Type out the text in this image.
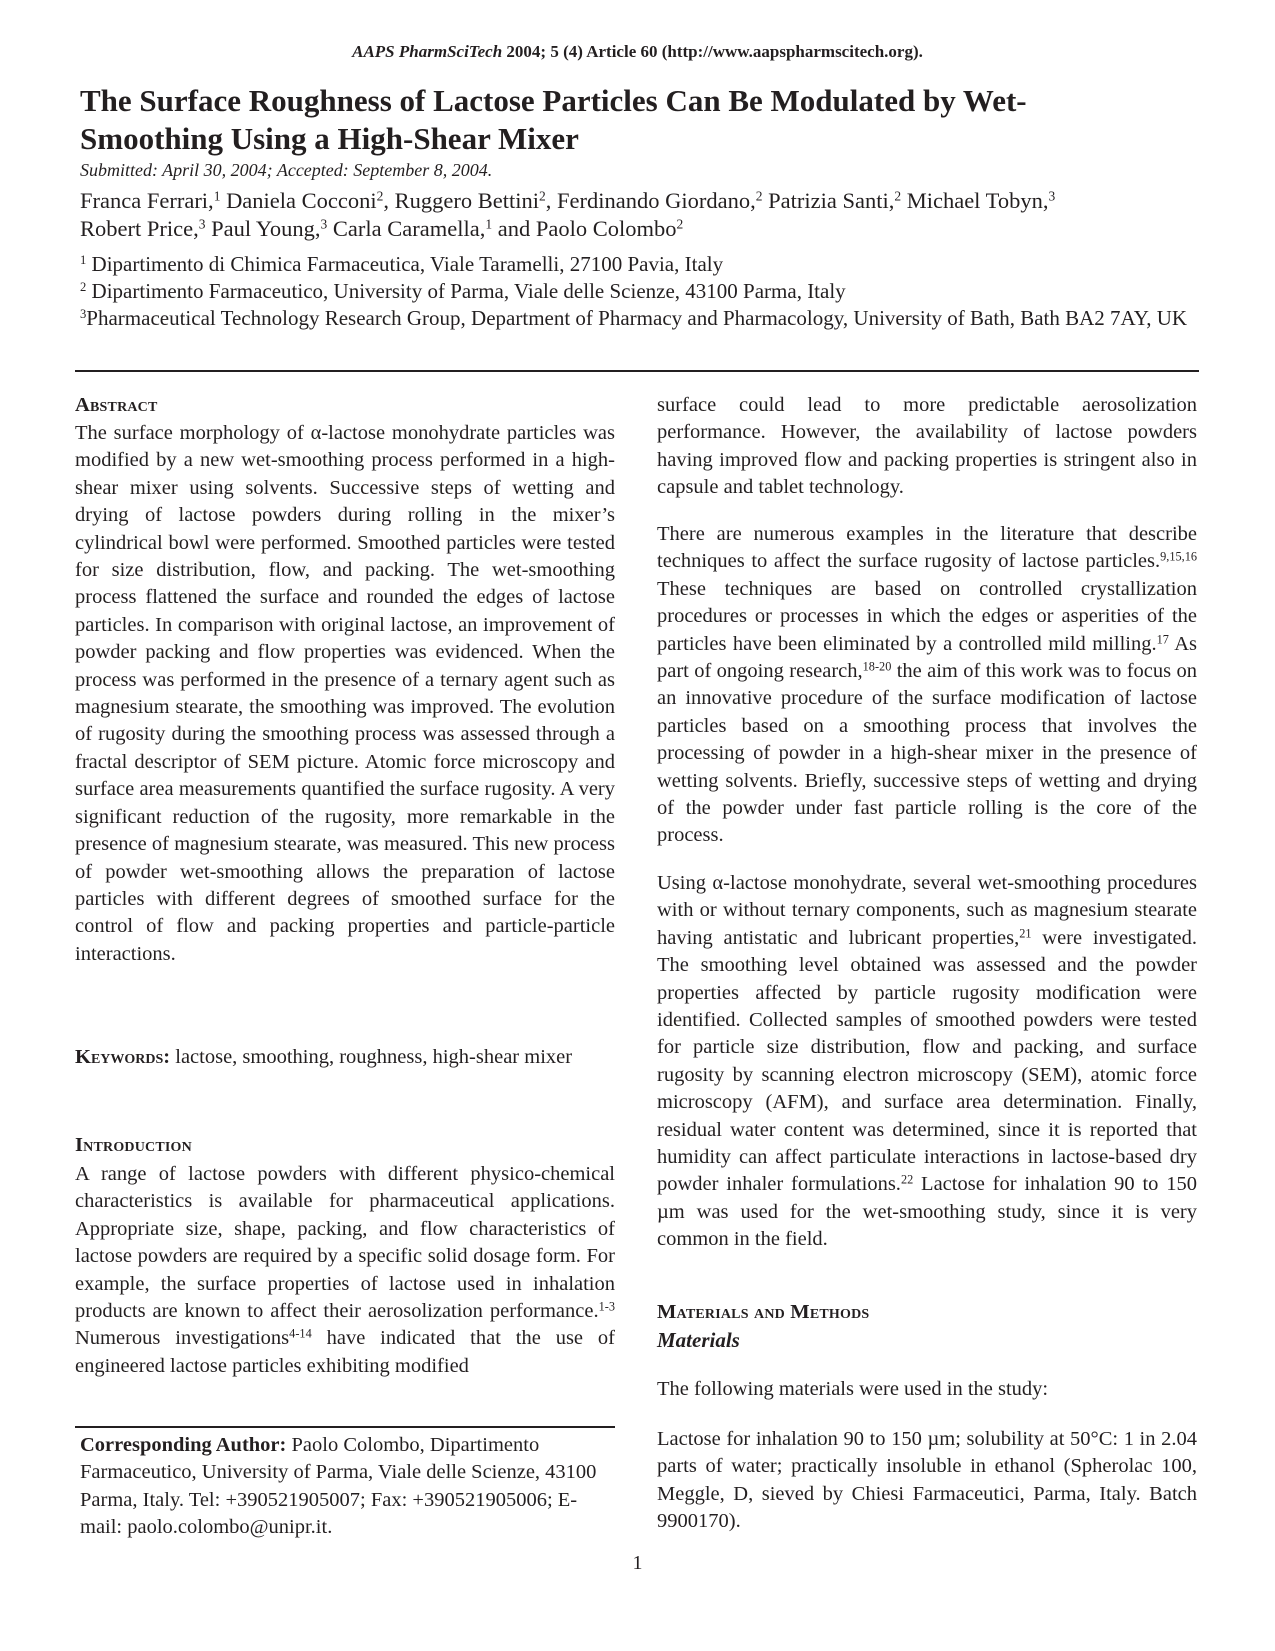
AAPS PharmSciTech 2004; 5 (4) Article 60 (http://www.aapspharmscitech.org).
The Surface Roughness of Lactose Particles Can Be Modulated by Wet-
Smoothing Using a High-Shear Mixer
Submitted: April 30, 2004; Accepted: September 8, 2004.
Franca Ferrari,$^1$ Daniela Cocconi$^2$, Ruggero Bettini$^2$, Ferdinando Giordano,$^2$ Patrizia Santi,$^2$ Michael Tobyn,$^3$
Robert Price,$^3$ Paul Young,$^3$ Carla Caramella,$^1$ and Paolo Colombo$^2$
$^1$ Dipartimento di Chimica Farmaceutica, Viale Taramelli, 27100 Pavia, Italy
$^2$ Dipartimento Farmaceutico, University of Parma, Viale delle Scienze, 43100 Parma, Italy
$^3$Pharmaceutical Technology Research Group, Department of Pharmacy and Pharmacology, University of Bath, Bath BA2 7AY, UK
Abstract
The surface morphology of α-lactose monohydrate particles was modified by a new wet-smoothing process performed in a high-shear mixer using solvents. Successive steps of wetting and drying of lactose powders during rolling in the mixer’s cylindrical bowl were performed. Smoothed particles were tested for size distribution, flow, and packing. The wet-smoothing process flattened the surface and rounded the edges of lactose particles. In comparison with original lactose, an improvement of powder packing and flow properties was evidenced. When the process was performed in the presence of a ternary agent such as magnesium stearate, the smoothing was improved. The evolution of rugosity during the smoothing process was assessed through a fractal descriptor of SEM picture. Atomic force microscopy and surface area measurements quantified the surface rugosity. A very significant reduction of the rugosity, more remarkable in the presence of magnesium stearate, was measured. This new process of powder wet-smoothing allows the preparation of lactose particles with different degrees of smoothed surface for the control of flow and packing properties and particle-particle interactions.
Keywords: lactose, smoothing, roughness, high-shear mixer
Introduction
A range of lactose powders with different physico-chemical characteristics is available for pharmaceutical applications. Appropriate size, shape, packing, and flow characteristics of lactose powders are required by a specific solid dosage form. For example, the surface properties of lactose used in inhalation products are known to affect their aerosolization performance.$^{1-3}$ Numerous investigations$^{4-14}$ have indicated that the use of engineered lactose particles exhibiting modified
Corresponding Author: Paolo Colombo, Dipartimento Farmaceutico, University of Parma, Viale delle Scienze, 43100 Parma, Italy. Tel: +390521905007; Fax: +390521905006; E-mail: paolo.colombo@unipr.it.
surface could lead to more predictable aerosolization performance. However, the availability of lactose powders having improved flow and packing properties is stringent also in capsule and tablet technology.
There are numerous examples in the literature that describe techniques to affect the surface rugosity of lactose particles.$^{9,15,16}$ These techniques are based on controlled crystallization procedures or processes in which the edges or asperities of the particles have been eliminated by a controlled mild milling.$^{17}$ As part of ongoing research,$^{18-20}$ the aim of this work was to focus on an innovative procedure of the surface modification of lactose particles based on a smoothing process that involves the processing of powder in a high-shear mixer in the presence of wetting solvents. Briefly, successive steps of wetting and drying of the powder under fast particle rolling is the core of the process.
Using α-lactose monohydrate, several wet-smoothing procedures with or without ternary components, such as magnesium stearate having antistatic and lubricant properties,$^{21}$ were investigated. The smoothing level obtained was assessed and the powder properties affected by particle rugosity modification were identified. Collected samples of smoothed powders were tested for particle size distribution, flow and packing, and surface rugosity by scanning electron microscopy (SEM), atomic force microscopy (AFM), and surface area determination. Finally, residual water content was determined, since it is reported that humidity can affect particulate interactions in lactose-based dry powder inhaler formulations.$^{22}$ Lactose for inhalation 90 to 150 µm was used for the wet-smoothing study, since it is very common in the field.
Materials and Methods
Materials
The following materials were used in the study:
Lactose for inhalation 90 to 150 µm; solubility at 50°C: 1 in 2.04 parts of water; practically insoluble in ethanol (Spherolac 100, Meggle, D, sieved by Chiesi Farmaceutici, Parma, Italy. Batch 9900170).
1
